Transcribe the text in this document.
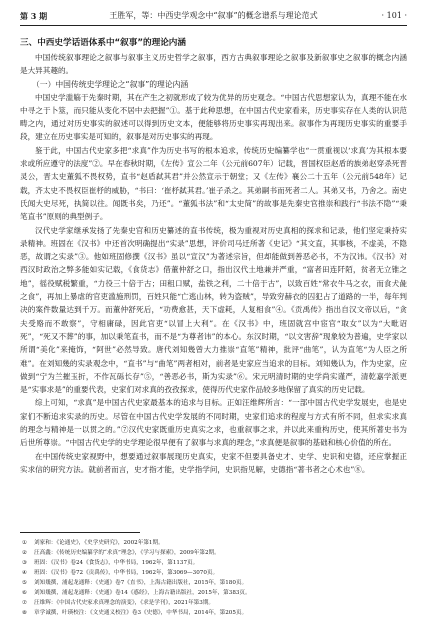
第 3 期	王胜军，等：中西史学观念中“叙事”的概念谱系与理论范式	· 101 ·
三、中西史学话语体系中“叙事”的理论内涵

中国传统叙事理论之叙事与叙事主义历史哲学之叙事，西方古典叙事理论之叙事及新叙事史之叙事的概念内涵是大异其趣的。

（一）中国传统史学理论之“叙事”的理论内涵

中国史学滥觞于先秦时期，其在产生之初就形成了较为优异的历史观念。“中国古代思想家认为，真理不能在水中寻之于卜筮，而只能从变化不居中去把握”①。基于此种思想，在中国古代史家看来，历史事实存在人类的认识范畴之内，通过对历史事实的叙述可以得到历史文本，便能够将历史事实再现出来。叙事作为再现历史事实的重要手段，建立在历史事实是可知的，叙事是对历史事实的再现。

鉴于此，中国古代史家多把“求真”作为历史书写的根本追求，传统历史编纂学也“一贯重视以‘求真’为其根本要求或所应遵守的法度”②。早在春秋时期，《左传》宣公二年（公元前607年）记载，晋国权臣赵盾的族弟赵穿杀死晋灵公，晋太史董狐不畏权势，直书“赵盾弑其君”并公然宣示于朝堂；又《左传》襄公二十五年（公元前548年）记载，齐太史不畏权臣崔杼的威胁，“书曰：‘崔杼弑其君。’崔子杀之。其弟嗣书而死者二人。其弟又书，乃舍之。南史氏闻大史尽死，执简以往。闻既书矣，乃还”。“董狐书法”和“太史简”的故事是先秦史官推崇和践行“书法不隐”“秉笔直书”原则的典型例子。

汉代史学家继承发扬了先秦史官和历史纂述的直书传统，极为重视对历史真相的探求和记录，他们坚定秉持实录精神。班固在《汉书》中还首次明确提出“实录”思想，评价司马迁所著《史记》“其文直，其事核，不虚美，不隐恶，故谓之实录”③。他如班固修撰《汉书》虽以“宣汉”为著述宗旨，但却能做到善恶必书，不为汉讳。《汉书》对西汉时政治之弊多能如实记载，《食货志》借董仲舒之口，指出汉代土地兼并严重，“富者田连阡陌，贫者无立锥之地”，徭役赋税繁重，“力役三十倍于古；田租口赋，盐铁之利，二十倍于古”，以致百姓“常衣牛马之衣，而食犬彘之食”，再加上暴虐的官吏滥施刑罚，百姓只能“亡逃山林，转为盗贼”，导致穷赫衣的囚犯占了道路的一半，每年判决的案件数量达到千万。而董仲舒死后，“功费愈甚，天下虚耗，人复相食”④。《贡禹传》指出自汉文帝以后，“贪夫受赂而不敢察”，守相庸碌，因此官吏“以冒上大利”。在《汉书》中，班固就宫中宦官“取女”以为“大毗诏死”，“死又不葬”的事，加以秉笔直书，而不是“为尊者讳”的本心。东汉时期，“以文害辞”现象较为普遍，史学家以所谓“美化”来掩饰，“阿世”必然导致。唐代刘知幾曾大力推崇“直笔”精神，批评“曲笔”，认为直笔“为人臣之所难”。在刘知幾的实录观念中，“直书”与“曲笔”两者相对，前者是史家应当追求的目标。刘知幾认为，作为史家，应做到“宁为兰摧玉折，不作瓦砾长存”⑤，“善恶必书，斯为实录”⑥。宋元明清时期的史学尚实谨严，清乾嘉学派更是“实事求是”的重要代表，史家们对求真的孜孜探求，使得历代史家作品较多地保留了真实的历史记载。

综上可知，“求真”是中国古代史家最基本的追求与目标。正如汪维辉所言：“一部中国古代史学发展史，也是史家们不断追求实录的历史。尽管在中国古代史学发展的不同时期，史家们追求的程度与方式有所不同，但求实求真的理念与精神是一以贯之的。”⑦汉代史家既重历史真实之求，也重叙事之求，并以此来重构历史，使其所著史书为后世所尊崇。“中国古代史学的史学理论很早便有了叙事与求真的理念，”求真便是叙事的基础和核心价值的所在。

在中国传统史家视野中，想要通过叙事展现历史真实，史家不但要具备史才、史学、史识和史德，还应掌握正实求信的研究方法。就前者而言，史才指才能，史学指学问，史识指见解，史德指“著书者之心术也”⑧。

① 刘家和：《论通史》，《史学史研究》，2002年第1期。
② 汪高鑫：《传统历史编纂学的“求真”理念》，《学习与探索》，2009年第2期。
③ 班固：《汉书》卷24《食货志》，中华书局，1962年，第1137页。
④ 班固：《汉书》卷72《贡禹传》，中华书局，1962年，第3069—3070页。
⑤ 刘知幾撰，浦起龙通释：《史通》卷7《直书》，上海古籍出版社，2015年，第180页。
⑥ 刘知幾撰，浦起龙通释：《史通》卷14《惑经》，上海古籍出版社，2015年，第383页。
⑦ 汪维辉：《中国古代史家求真理念的演变》，《求是学刊》，2021年第3期。
⑧ 章学诚撰，叶瑛校注：《文史通义校注》卷3《史德》，中华书局，2014年，第205页。
